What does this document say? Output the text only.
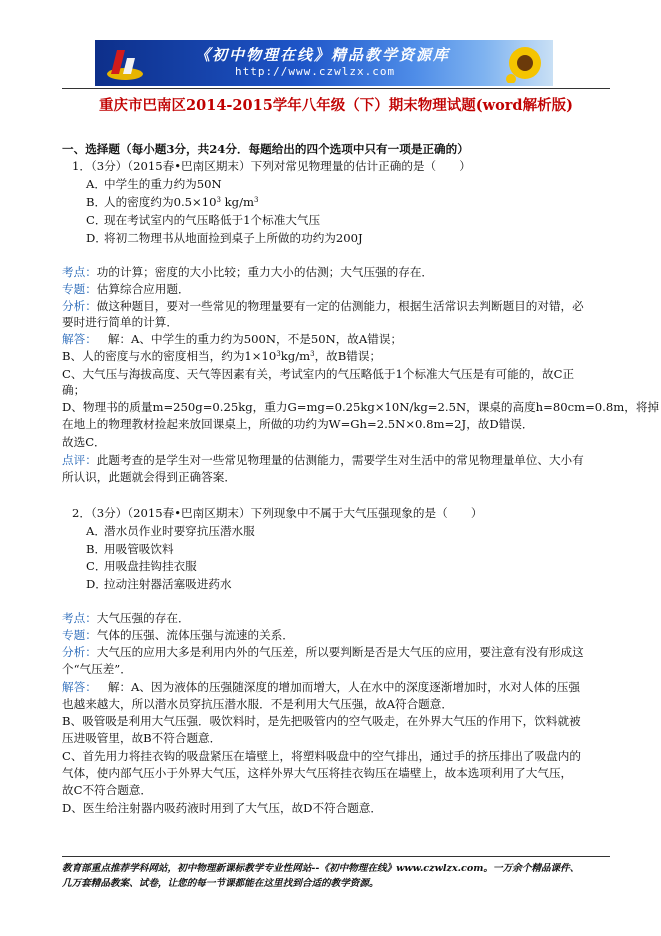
《初中物理在线》精品教学资源库
http://www.czwlzx.com
重庆市巴南区2014-2015学年八年级（下）期末物理试题(word解析版)
一、选择题（每小题3分，共24分．每题给出的四个选项中只有一项是正确的）
1．（3分）（2015春•巴南区期末）下列对常见物理量的估计正确的是（　　）
A．
中学生的重力约为50N
B．
人的密度约为$0.5\times 10^3$ $kg/m^3$
C．
现在考试室内的气压略低于1个标准大气压
D．
将初二物理书从地面捡到桌子上所做的功约为200J
考点：功的计算；密度的大小比较；重力大小的估测；大气压强的存在．
专题：估算综合应用题．
分析：做这种题目，要对一些常见的物理量要有一定的估测能力，根据生活常识去判断题目的对错，必
要时进行简单的计算．
解答： 解：A、中学生的重力约为500N，不是50N，故A错误；
B、人的密度与水的密度相当，约为$1\times 10^3kg/m^3$，故B错误；
C、大气压与海拔高度、天气等因素有关，考试室内的气压略低于1个标准大气压是有可能的，故C正
确；
D、物理书的质量m=250g=0.25kg，重力G=mg=0.25kg×10N/kg=2.5N，课桌的高度h=80cm=0.8m，将掉
在地上的物理教材捡起来放回课桌上，所做的功约为W=Gh=2.5N×0.8m=2J，故D错误．
故选C．
点评：此题考查的是学生对一些常见物理量的估测能力，需要学生对生活中的常见物理量单位、大小有
所认识，此题就会得到正确答案．
2．（3分）（2015春•巴南区期末）下列现象中不属于大气压强现象的是（　　）
A．
潜水员作业时要穿抗压潜水服
B．
用吸管吸饮料
C．
用吸盘挂钩挂衣服
D．
拉动注射器活塞吸进药水
考点：大气压强的存在．
专题：气体的压强、流体压强与流速的关系．
分析：大气压的应用大多是利用内外的气压差，所以要判断是否是大气压的应用，要注意有没有形成这
个“气压差”．
解答： 解：A、因为液体的压强随深度的增加而增大，人在水中的深度逐渐增加时，水对人体的压强
也越来越大，所以潜水员穿抗压潜水服．不是利用大气压强，故A符合题意．
B、吸管吸是利用大气压强．吸饮料时，是先把吸管内的空气吸走，在外界大气压的作用下，饮料就被
压进吸管里，故B不符合题意．
C、首先用力将挂衣钩的吸盘紧压在墙壁上，将塑料吸盘中的空气排出，通过手的挤压排出了吸盘内的
气体，使内部气压小于外界大气压，这样外界大气压将挂衣钩压在墙壁上，故本选项利用了大气压，
故C不符合题意．
D、医生给注射器内吸药液时用到了大气压，故D不符合题意．
教育部重点推荐学科网站，初中物理新课标教学专业性网站--《初中物理在线》www.czwlzx.com。一万余个精品课件、
几万套精品教案、试卷，让您的每一节课都能在这里找到合适的教学资源。
